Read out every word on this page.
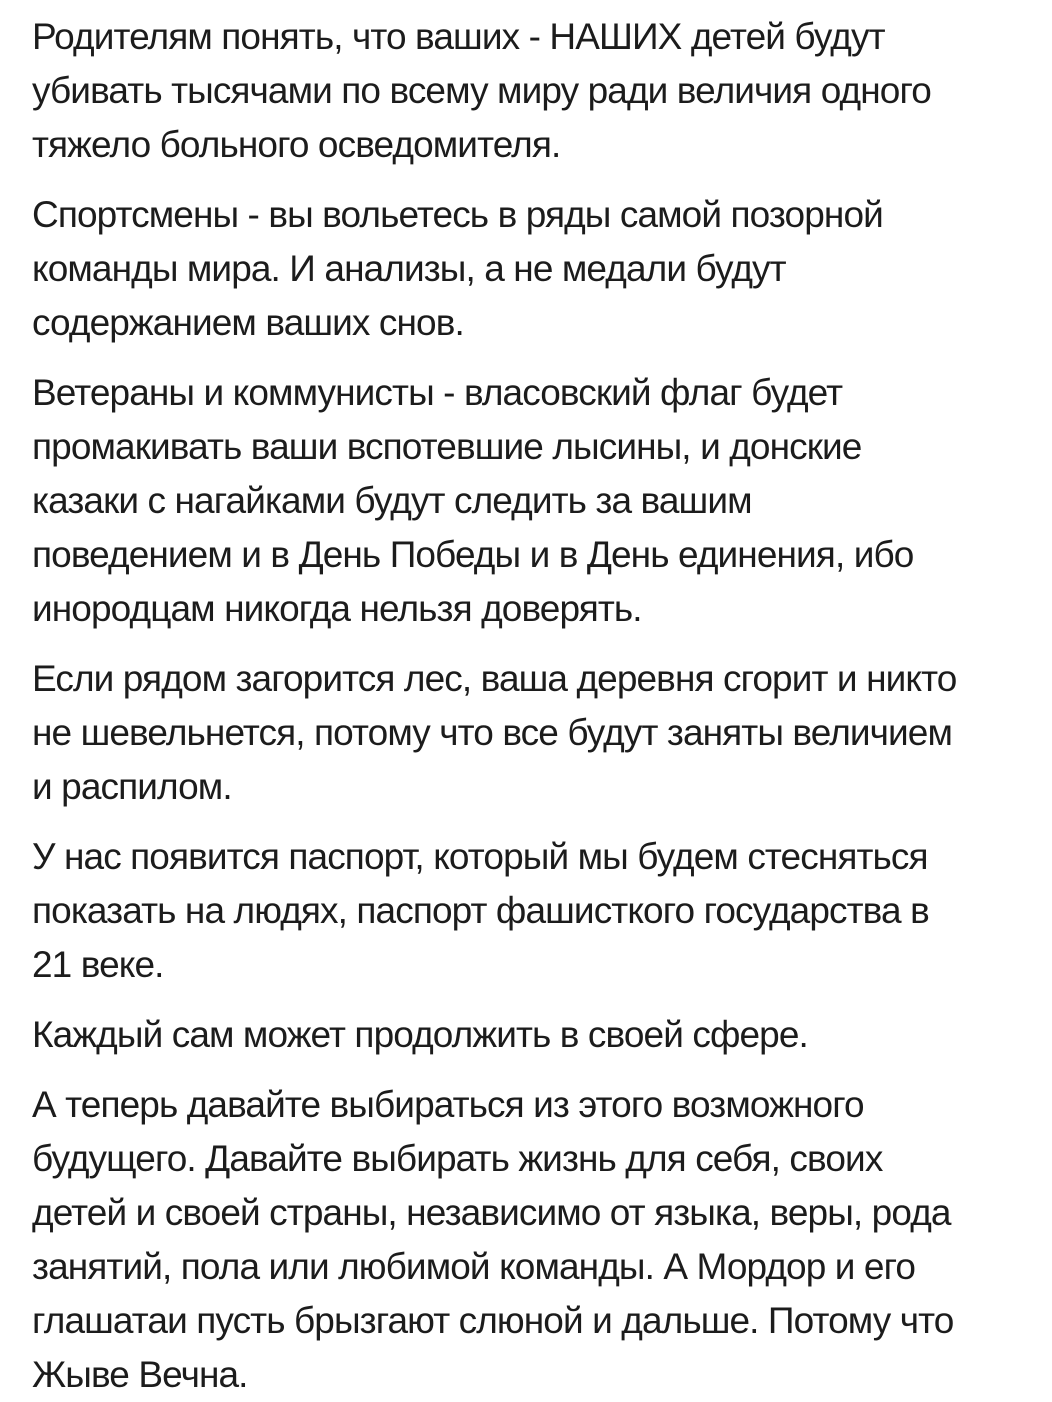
Родителям понять, что ваших - НАШИХ детей будут
убивать тысячами по всему миру ради величия одного
тяжело больного осведомителя.

Спортсмены - вы вольетесь в ряды самой позорной
команды мира. И анализы, а не медали будут
содержанием ваших снов.

Ветераны и коммунисты - власовский флаг будет
промакивать ваши вспотевшие лысины, и донские
казаки с нагайками будут следить за вашим
поведением и в День Победы и в День единения, ибо
инородцам никогда нельзя доверять.

Если рядом загорится лес, ваша деревня сгорит и никто
не шевельнется, потому что все будут заняты величием
и распилом.

У нас появится паспорт, который мы будем стесняться
показать на людях, паспорт фашисткого государства в
21 веке.

Каждый сам может продолжить в своей сфере.

А теперь давайте выбираться из этого возможного
будущего. Давайте выбирать жизнь для себя, своих
детей и своей страны, независимо от языка, веры, рода
занятий, пола или любимой команды. А Мордор и его
глашатаи пусть брызгают слюной и дальше. Потому что
Жыве Вечна.
